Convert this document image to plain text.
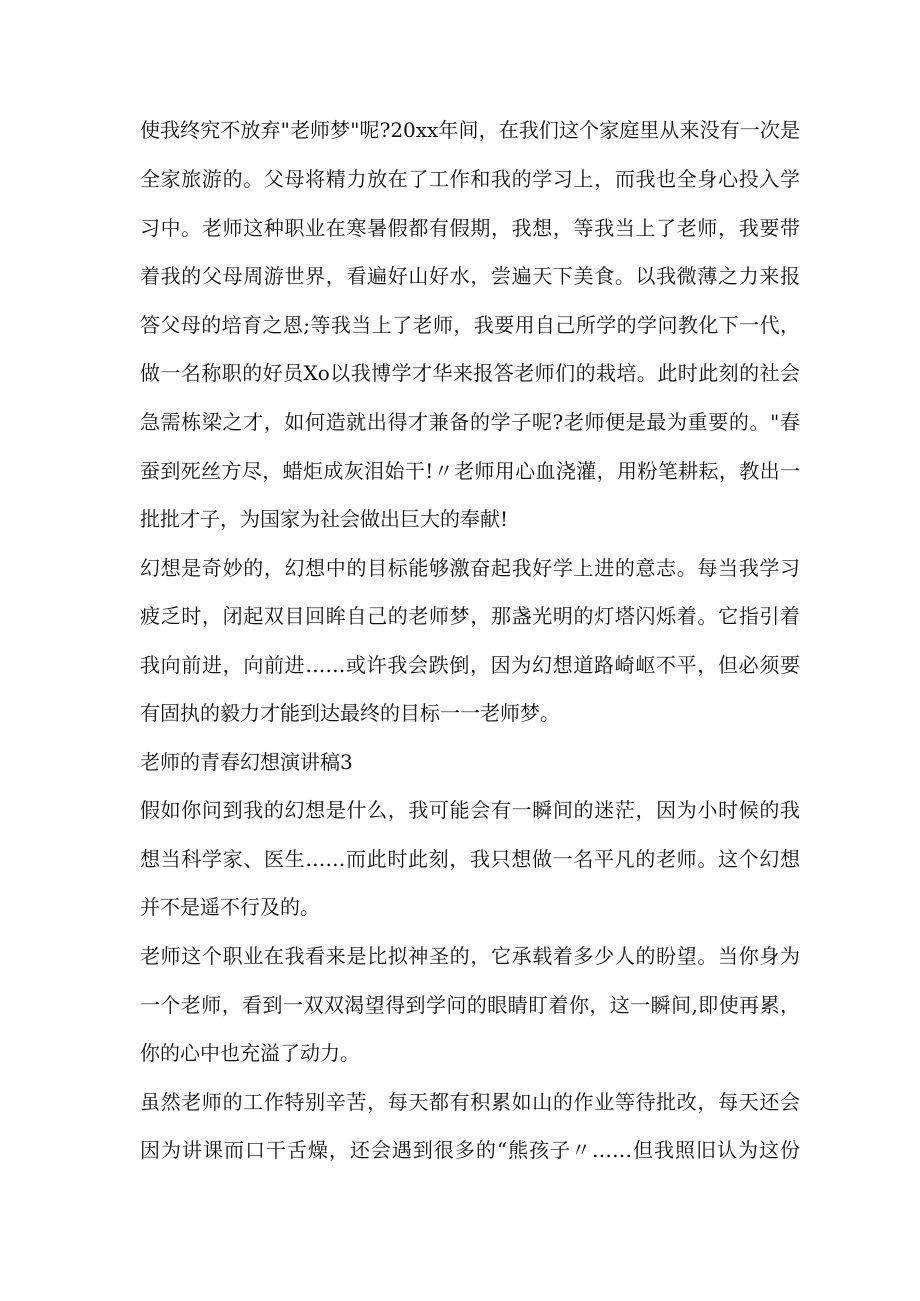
使我终究不放弃"老师梦"呢?20xx年间，在我们这个家庭里从来没有一次是

全家旅游的。父母将精力放在了工作和我的学习上，而我也全身心投入学

习中。老师这种职业在寒暑假都有假期，我想，等我当上了老师，我要带

着我的父母周游世界，看遍好山好水，尝遍天下美食。以我微薄之力来报

答父母的培育之恩;等我当上了老师，我要用自己所学的学问教化下一代，

做一名称职的好员Xo以我博学才华来报答老师们的栽培。此时此刻的社会

急需栋梁之才，如何造就出得才兼备的学子呢?老师便是最为重要的。"春

蚕到死丝方尽，蜡炬成灰泪始干!〃老师用心血浇灌，用粉笔耕耘，教出一

批批才子，为国家为社会做出巨大的奉献!

幻想是奇妙的，幻想中的目标能够激奋起我好学上进的意志。每当我学习

疲乏时，闭起双目回眸自己的老师梦，那盏光明的灯塔闪烁着。它指引着

我向前进，向前进……或许我会跌倒，因为幻想道路崎岖不平，但必须要

有固执的毅力才能到达最终的目标一一老师梦。

老师的青春幻想演讲稿3

假如你问到我的幻想是什么，我可能会有一瞬间的迷茫，因为小时候的我

想当科学家、医生……而此时此刻，我只想做一名平凡的老师。这个幻想

并不是遥不行及的。

老师这个职业在我看来是比拟神圣的，它承载着多少人的盼望。当你身为

一个老师，看到一双双渴望得到学问的眼睛盯着你，这一瞬间,即使再累，

你的心中也充溢了动力。

虽然老师的工作特别辛苦，每天都有积累如山的作业等待批改，每天还会

因为讲课而口干舌燥，还会遇到很多的“熊孩子〃……但我照旧认为这份
